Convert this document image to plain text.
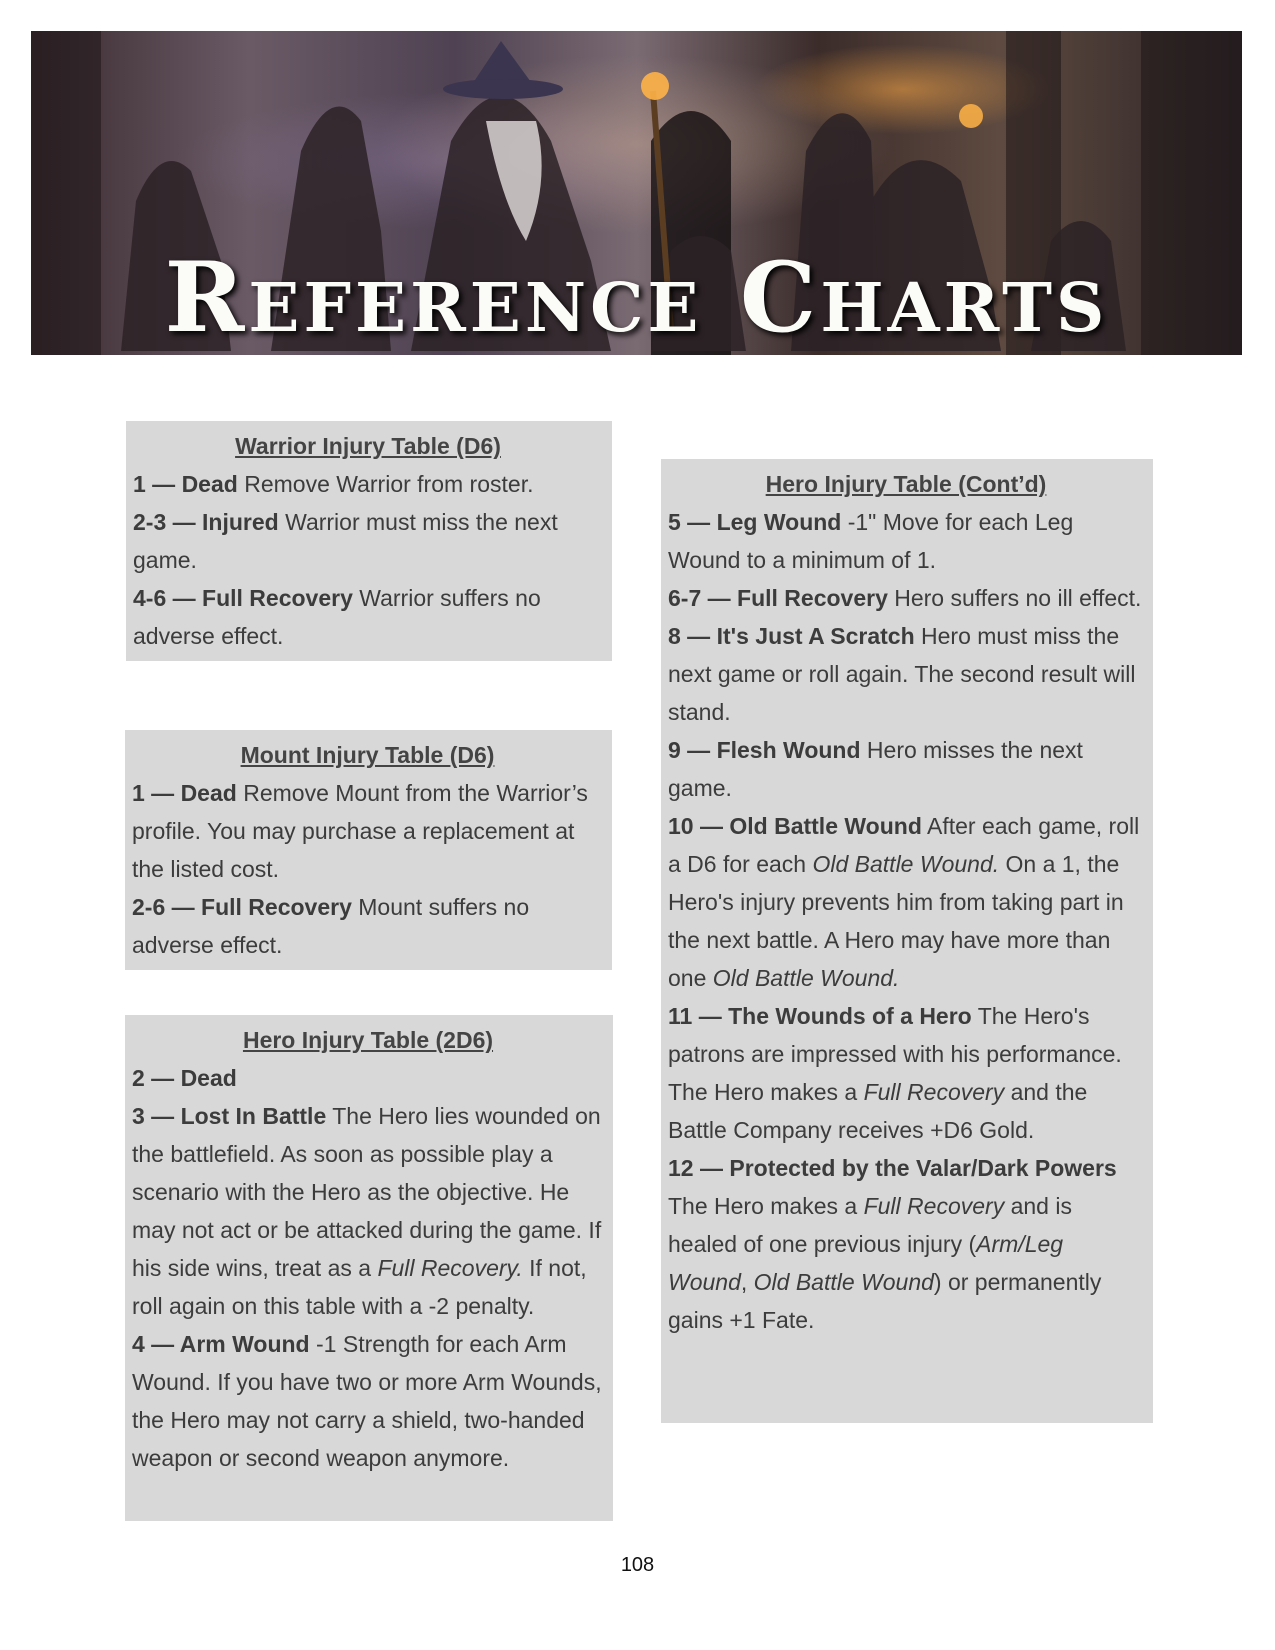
Reference Charts

Warrior Injury Table (D6)

1 — Dead Remove Warrior from roster.

2-3 — Injured Warrior must miss the next game.

4-6 — Full Recovery Warrior suffers no adverse effect.

Mount Injury Table (D6)

1 — Dead Remove Mount from the Warrior’s profile. You may purchase a replacement at the listed cost.

2-6 — Full Recovery Mount suffers no adverse effect.

Hero Injury Table (2D6)

2 — Dead

3 — Lost In Battle The Hero lies wounded on the battlefield. As soon as possible play a scenario with the Hero as the objective. He may not act or be attacked during the game. If his side wins, treat as a Full Recovery. If not, roll again on this table with a -2 penalty.

4 — Arm Wound -1 Strength for each Arm Wound. If you have two or more Arm Wounds, the Hero may not carry a shield, two-handed weapon or second weapon anymore.

Hero Injury Table (Cont’d)

5 — Leg Wound -1" Move for each Leg Wound to a minimum of 1.

6-7 — Full Recovery Hero suffers no ill effect.

8 — It's Just A Scratch Hero must miss the next game or roll again. The second result will stand.

9 — Flesh Wound Hero misses the next game.

10 — Old Battle Wound After each game, roll a D6 for each Old Battle Wound. On a 1, the Hero's injury prevents him from taking part in the next battle. A Hero may have more than one Old Battle Wound.

11 — The Wounds of a Hero The Hero's patrons are impressed with his performance. The Hero makes a Full Recovery and the Battle Company receives +D6 Gold.

12 — Protected by the Valar/Dark Powers The Hero makes a Full Recovery and is healed of one previous injury (Arm/Leg Wound, Old Battle Wound) or permanently gains +1 Fate.

108
